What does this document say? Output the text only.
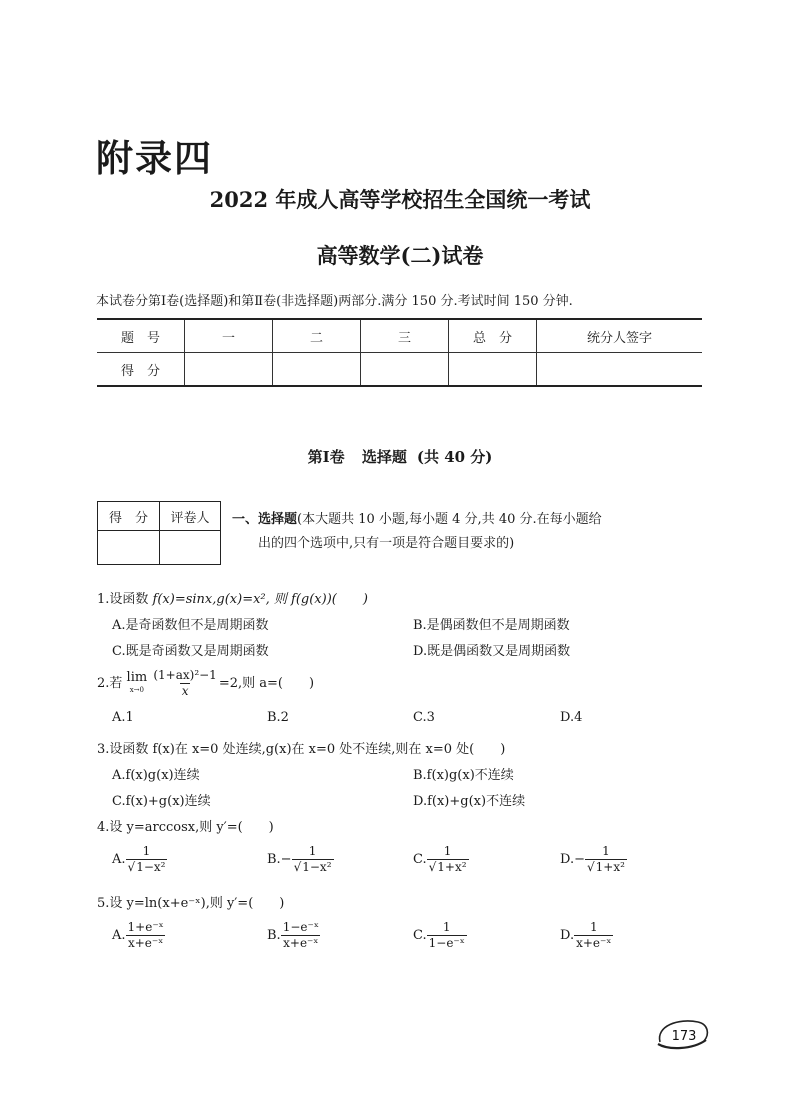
附录四
2022 年成人高等学校招生全国统一考试
高等数学(二)试卷
本试卷分第Ⅰ卷(选择题)和第Ⅱ卷(非选择题)两部分.满分 150 分.考试时间 150 分钟.
题　号	一	二	三	总　分	统分人签字
得　分					
第Ⅰ卷 选择题 (共 40 分)
得　分	评卷人
	一、选择题(本大题共 10 小题,每小题 4 分,共 40 分.在每小题给
出的四个选项中,只有一项是符合题目要求的)
1.设函数 f(x)=sinx,g(x)=x², 则 f(g(x))(　　)
A.是奇函数但不是周期函数	B.是偶函数但不是周期函数
C.既是奇函数又是周期函数	D.既是偶函数又是周期函数
2.若 lim
x→0
$\frac{\text{(1+ax)²−1}}{x} =2$,则 a=(　　)
A.1	B.2	C.3	D.4
3.设函数 f(x)在 x=0 处连续,g(x)在 x=0 处不连续,则在 x=0 处(　　)
A.f(x)g(x)连续	B.f(x)g(x)不连续
C.f(x)+g(x)连续	D.f(x)+g(x)不连续
4.设 y=arccosx,则 y′=(　　)
A. $\frac{1}{\text{√1−x²}}$	$B.- \frac{1}{\text{√1−x²}}$	C. $\frac{1}{\text{√1+x²}}$	$D.- \frac{1}{\text{√1+x²}}$
5.设 y=ln(x+e⁻ˣ),则 y′=(　　)
A. $\frac{\text{1+e⁻ˣ}}{\text{x+e⁻ˣ}}$	B. $\frac{\text{1−e⁻ˣ}}{\text{x+e⁻ˣ}}$	C. $\frac{1}{\text{1−e⁻ˣ}}$	D. $\frac{1}{\text{x+e⁻ˣ}}$
173
